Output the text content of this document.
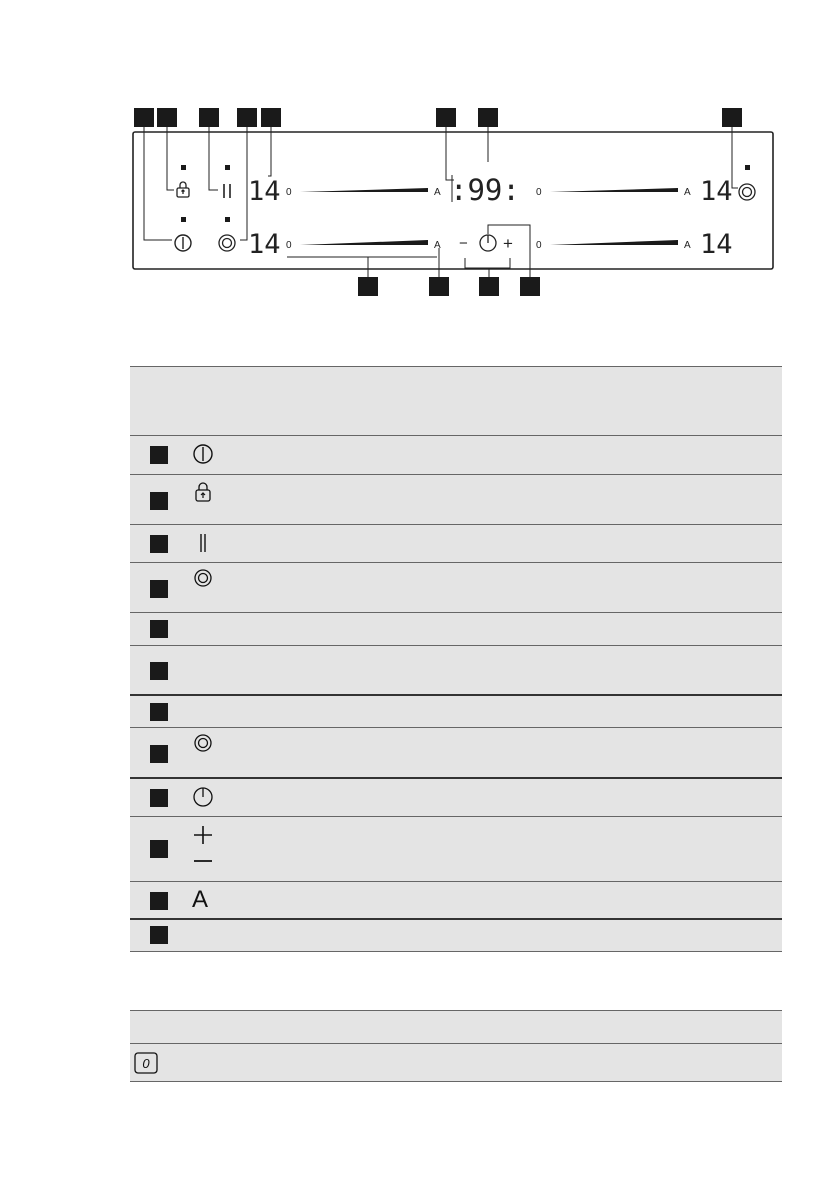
14
14
14
14
:99:
0	A
0	A
0	A
0	A
− +
A
0
